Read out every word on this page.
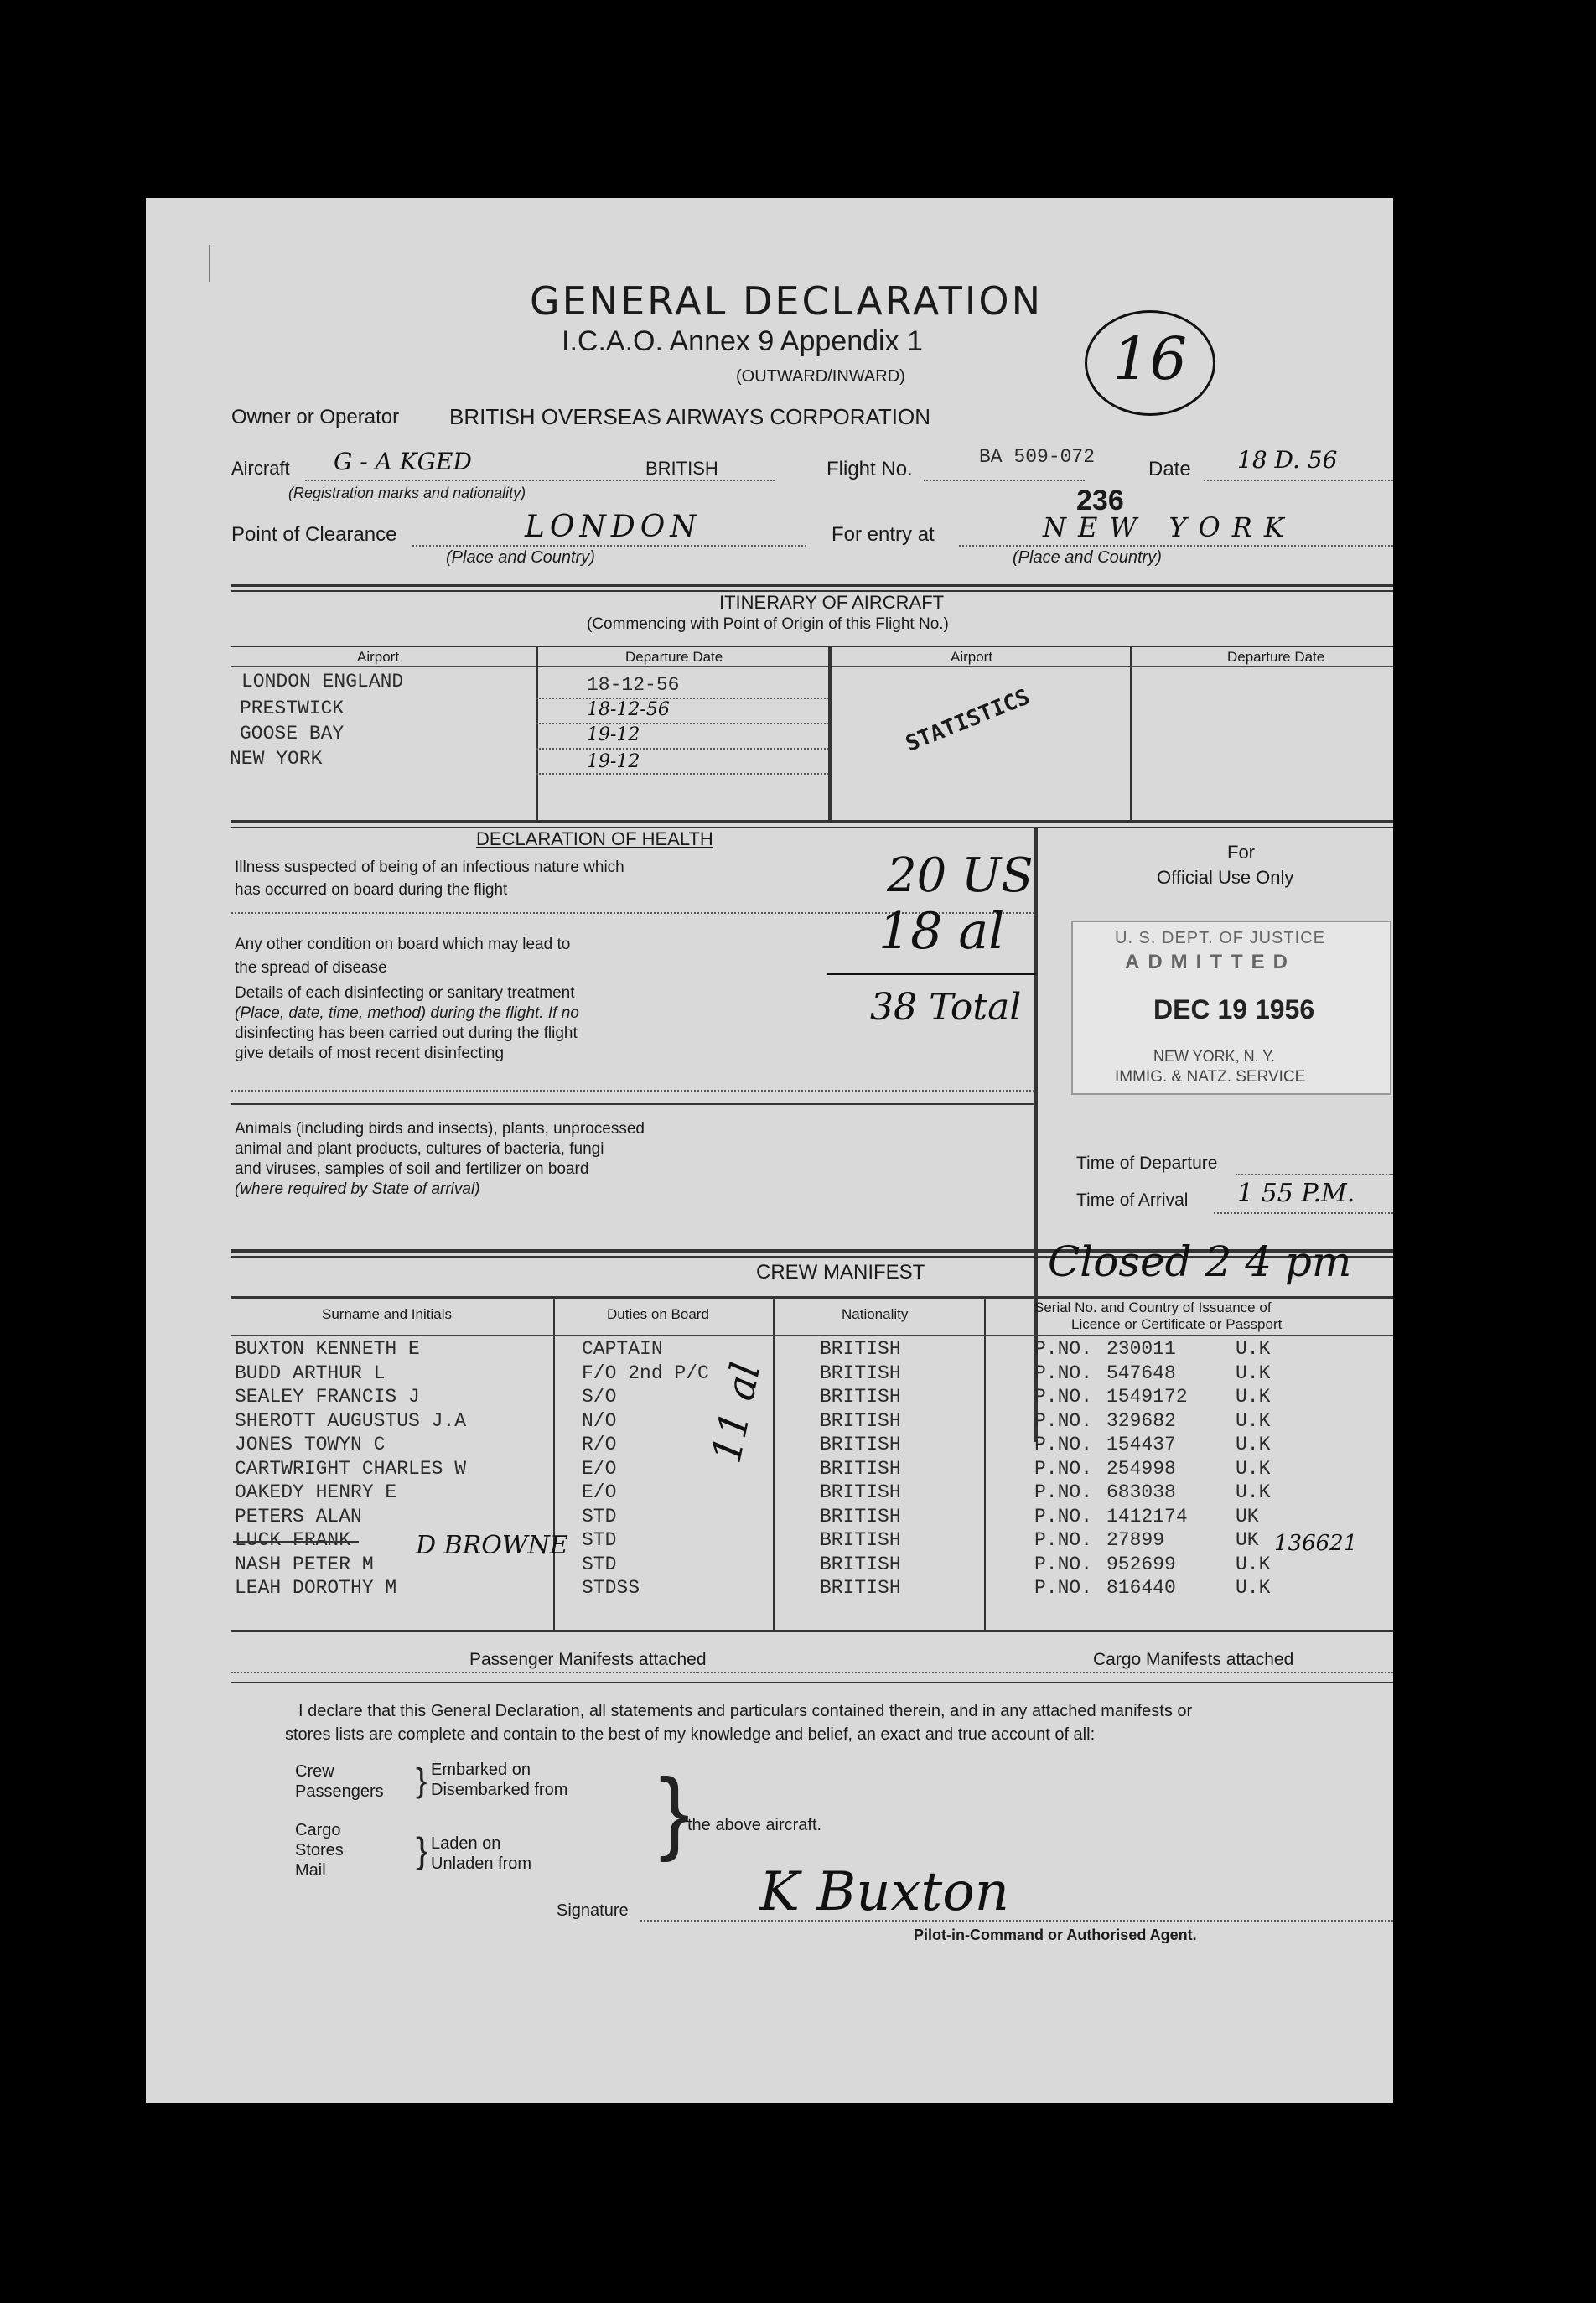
GENERAL DECLARATION
I.C.A.O. Annex 9 Appendix 1
(OUTWARD/INWARD)	16
Owner or Operator BRITISH OVERSEAS AIRWAYS CORPORATION
Aircraft G - A KGED	BRITISH
(Registration marks and nationality)
Flight No.
BA 509-072
Date 18 D. 56
236
Point of Clearance	LONDON
(Place and Country)
For entry at	NEW YORK
(Place and Country)
ITINERARY OF AIRCRAFT
(Commencing with Point of Origin of this Flight No.)
Airport	Departure Date	Airport	Departure Date
LONDON ENGLAND	18-12-56
PRESTWICK	18-12-56
GOOSE BAY	19-12
NEW YORK	19-12
STATISTICS
DECLARATION OF HEALTH
Illness suspected of being of an infectious nature which
has occurred on board during the flight
Any other condition on board which may lead to
the spread of disease
Details of each disinfecting or sanitary treatment
(Place, date, time, method) during the flight. If no
disinfecting has been carried out during the flight
give details of most recent disinfecting
Animals (including birds and insects), plants, unprocessed
animal and plant products, cultures of bacteria, fungi
and viruses, samples of soil and fertilizer on board
(where required by State of arrival)
20 US
18 al
38 Total
For
Official Use Only
U. S. DEPT. OF JUSTICE
ADMITTED
DEC 19 1956
NEW YORK, N. Y.
IMMIG. & NATZ. SERVICE
Time of Departure
Time of Arrival 1 55 P.M.
CREW MANIFEST	Closed 2 4 pm
Surname and Initials	Duties on Board	Nationality	Serial No. and Country of Issuance of
Licence or Certificate or Passport
BUXTON KENNETH E	CAPTAIN	BRITISH	P.NO. 230011	U.K
BUDD ARTHUR L	F/O 2nd P/C	BRITISH	P.NO. 547648	U.K
SEALEY FRANCIS J	S/O	BRITISH	P.NO. 1549172 U.K
SHEROTT AUGUSTUS J.A	N/O	BRITISH	P.NO. 329682	U.K
JONES TOWYN C	R/O	BRITISH	P.NO. 154437	U.K
CARTWRIGHT CHARLES W	E/O	BRITISH	P.NO. 254998	U.K
OAKEDY HENRY E	E/O	BRITISH	P.NO. 683038	U.K
PETERS ALAN	STD	BRITISH	P.NO. 1412174 UK
LUCK FRANK	STD	BRITISH	P.NO. 27899	UK
NASH PETER M	STD	BRITISH	P.NO. 952699	U.K
LEAH DOROTHY M	STDSS	BRITISH	P.NO. 816440	U.K
D BROWNE	136621
11 al
Passenger Manifests attached	Cargo Manifests attached
I declare that this General Declaration, all statements and particulars contained therein, and in any attached manifests or
stores lists are complete and contain to the best of my knowledge and belief, an exact and true account of all:
Crew
Passengers } Embarked on
Disembarked from
Cargo
Stores
Mail } Laden on
Unladen from
}
the above aircraft.
Signature K Buxton
Pilot-in-Command or Authorised Agent.
